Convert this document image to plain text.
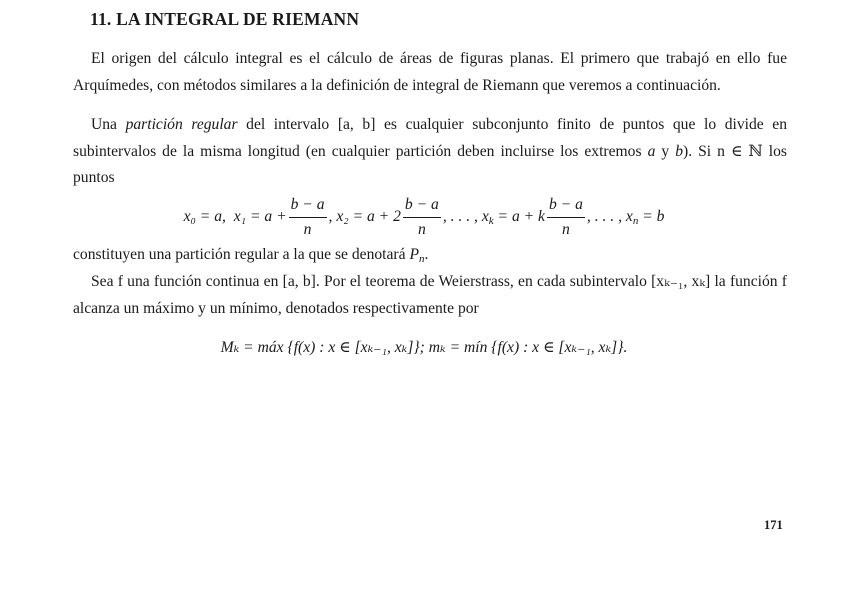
11. LA INTEGRAL DE RIEMANN

El origen del cálculo integral es el cálculo de áreas de figuras planas. El primero que trabajó en ello fue Arquímedes, con métodos similares a la definición de integral de Riemann que veremos a continuación.

Una partición regular del intervalo [a, b] es cualquier subconjunto finito de puntos que lo divide en subintervalos de la misma longitud (en cualquier partición deben incluirse los extremos a y b). Si n ∈ ℕ los puntos

x₀ = a, $x_1 = a + \frac{b - a}{n}$ , $x_2 = a + 2 \frac{b - a}{n}$ , . . . , $x_k = a + k \frac{b - a}{n}$ , . . . , $x_n = b$

constituyen una partición regular a la que se denotará $P_n$.

Sea f una función continua en [a, b]. Por el teorema de Weierstrass, en cada subintervalo [xₖ₋₁, xₖ] la función f alcanza un máximo y un mínimo, denotados respectivamente por

Mₖ = máx {f(x) : x ∈ [xₖ₋₁, xₖ]}; mₖ = mín {f(x) : x ∈ [xₖ₋₁, xₖ]}.
171
